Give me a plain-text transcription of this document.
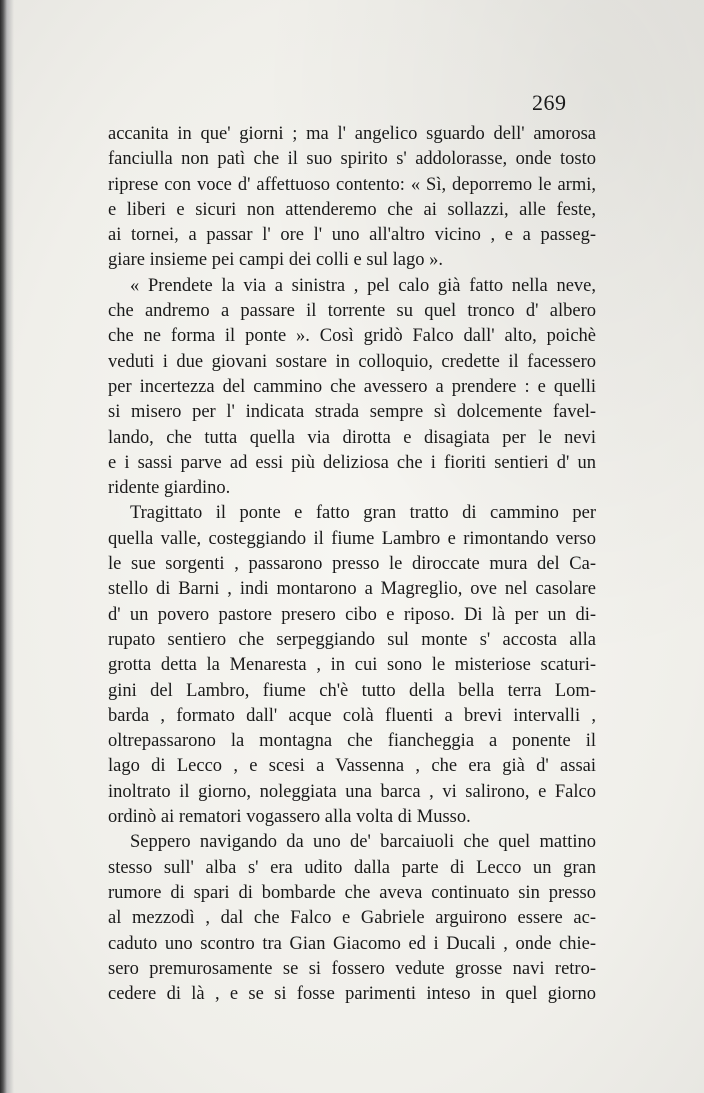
269
accanita in que' giorni ; ma l' angelico sguardo dell' amorosa
fanciulla non patì che il suo spirito s' addolorasse, onde tosto
riprese con voce d' affettuoso contento: « Sì, deporremo le armi,
e liberi e sicuri non attenderemo che ai sollazzi, alle feste,
ai tornei, a passar l' ore l' uno all'altro vicino , e a passeg-
giare insieme pei campi dei colli e sul lago ».
« Prendete la via a sinistra , pel calo già fatto nella neve,
che andremo a passare il torrente su quel tronco d' albero
che ne forma il ponte ». Così gridò Falco dall' alto, poichè
veduti i due giovani sostare in colloquio, credette il facessero
per incertezza del cammino che avessero a prendere : e quelli
si misero per l' indicata strada sempre sì dolcemente favel-
lando, che tutta quella via dirotta e disagiata per le nevi
e i sassi parve ad essi più deliziosa che i fioriti sentieri d' un
ridente giardino.
Tragittato il ponte e fatto gran tratto di cammino per
quella valle, costeggiando il fiume Lambro e rimontando verso
le sue sorgenti , passarono presso le diroccate mura del Ca-
stello di Barni , indi montarono a Magreglio, ove nel casolare
d' un povero pastore presero cibo e riposo. Di là per un di-
rupato sentiero che serpeggiando sul monte s' accosta alla
grotta detta la Menaresta , in cui sono le misteriose scaturi-
gini del Lambro, fiume ch'è tutto della bella terra Lom-
barda , formato dall' acque colà fluenti a brevi intervalli ,
oltrepassarono la montagna che fiancheggia a ponente il
lago di Lecco , e scesi a Vassenna , che era già d' assai
inoltrato il giorno, noleggiata una barca , vi salirono, e Falco
ordinò ai rematori vogassero alla volta di Musso.
Seppero navigando da uno de' barcaiuoli che quel mattino
stesso sull' alba s' era udito dalla parte di Lecco un gran
rumore di spari di bombarde che aveva continuato sin presso
al mezzodì , dal che Falco e Gabriele arguirono essere ac-
caduto uno scontro tra Gian Giacomo ed i Ducali , onde chie-
sero premurosamente se si fossero vedute grosse navi retro-
cedere di là , e se si fosse parimenti inteso in quel giorno
